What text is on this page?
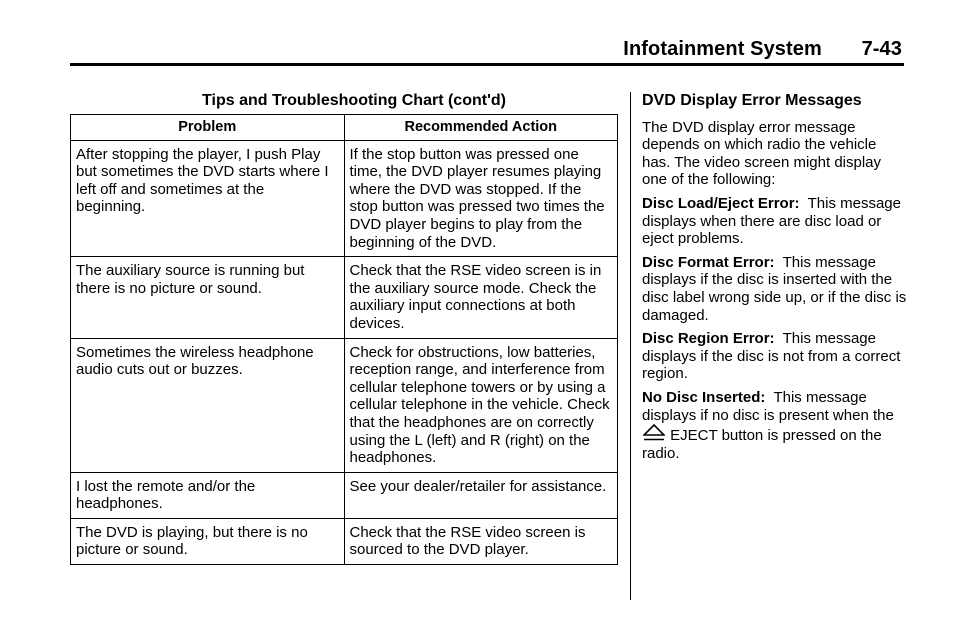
Infotainment System 7-43
Tips and Troubleshooting Chart (cont'd)
Problem	Recommended Action
After stopping the player, I push Play but sometimes the DVD starts where I left off and sometimes at the beginning.	If the stop button was pressed one time, the DVD player resumes playing where the DVD was stopped. If the stop button was pressed two times the DVD player begins to play from the beginning of the DVD.
The auxiliary source is running but there is no picture or sound.	Check that the RSE video screen is in the auxiliary source mode. Check the auxiliary input connections at both devices.
Sometimes the wireless headphone audio cuts out or buzzes.	Check for obstructions, low batteries, reception range, and interference from cellular telephone towers or by using a cellular telephone in the vehicle. Check that the headphones are on correctly using the L (left) and R (right) on the headphones.
I lost the remote and/or the headphones.	See your dealer/retailer for assistance.
The DVD is playing, but there is no picture or sound.	Check that the RSE video screen is sourced to the DVD player.
DVD Display Error Messages

The DVD display error message depends on which radio the vehicle has. The video screen might display one of the following:

Disc Load/Eject Error: This message displays when there are disc load or eject problems.

Disc Format Error: This message displays if the disc is inserted with the disc label wrong side up, or if the disc is damaged.

Disc Region Error: This message displays if the disc is not from a correct region.

No Disc Inserted: This message displays if no disc is present when the  EJECT button is pressed on the radio.
